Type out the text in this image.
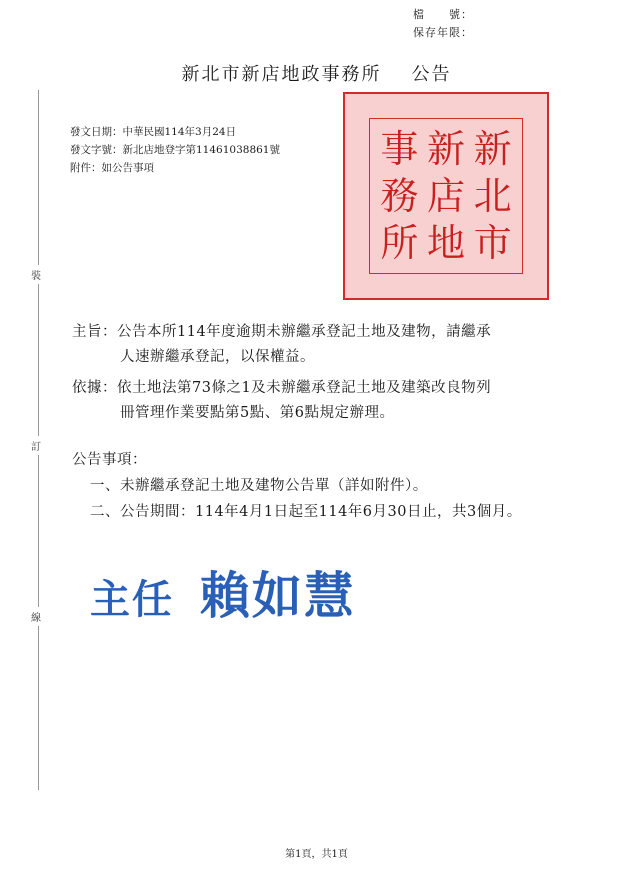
檔　　號：
保存年限：
新北市新店地政事務所 公告
發文日期：中華民國114年3月24日
發文字號：新北店地登字第11461038861號
附件：如公告事項
裝
訂
線
事 新 新
務 店 北
所 地 市
主旨：公告本所114年度逾期未辦繼承登記土地及建物，請繼承
人速辦繼承登記，以保權益。
依據：依土地法第73條之1及未辦繼承登記土地及建築改良物列
冊管理作業要點第5點、第6點規定辦理。
公告事項：
一、未辦繼承登記土地及建物公告單（詳如附件）。
二、公告期間：114年4月1日起至114年6月30日止，共3個月。
主任 賴如慧
第1頁，共1頁
